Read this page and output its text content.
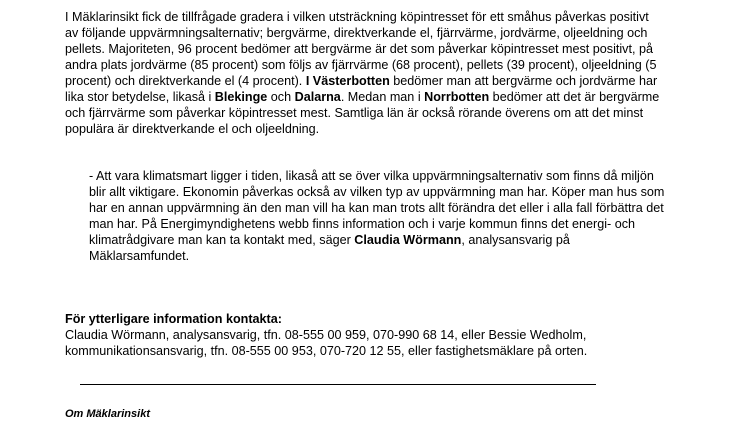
I Mäklarinsikt fick de tillfrågade gradera i vilken utsträckning köpintresset för ett småhus påverkas positivt av följande uppvärmningsalternativ; bergvärme, direktverkande el, fjärrvärme, jordvärme, oljeeldning och pellets. Majoriteten, 96 procent bedömer att bergvärme är det som påverkar köpintresset mest positivt, på andra plats jordvärme (85 procent) som följs av fjärrvärme (68 procent), pellets (39 procent), oljeeldning (5 procent) och direktverkande el (4 procent). I Västerbotten bedömer man att bergvärme och jordvärme har lika stor betydelse, likaså i Blekinge och Dalarna. Medan man i Norrbotten bedömer att det är bergvärme och fjärrvärme som påverkar köpintresset mest. Samtliga län är också rörande överens om att det minst populära är direktverkande el och oljeeldning.

- Att vara klimatsmart ligger i tiden, likaså att se över vilka uppvärmningsalternativ som finns då miljön blir allt viktigare. Ekonomin påverkas också av vilken typ av uppvärmning man har. Köper man hus som har en annan uppvärmning än den man vill ha kan man trots allt förändra det eller i alla fall förbättra det man har. På Energimyndighetens webb finns information och i varje kommun finns det energi- och klimatrådgivare man kan ta kontakt med, säger Claudia Wörmann, analysansvarig på Mäklarsamfundet.

För ytterligare information kontakta:
Claudia Wörmann, analysansvarig, tfn. 08-555 00 959, 070-990 68 14, eller Bessie Wedholm,
kommunikationsansvarig, tfn. 08-555 00 953, 070-720 12 55, eller fastighetsmäklare på orten.
Om Mäklarinsikt
